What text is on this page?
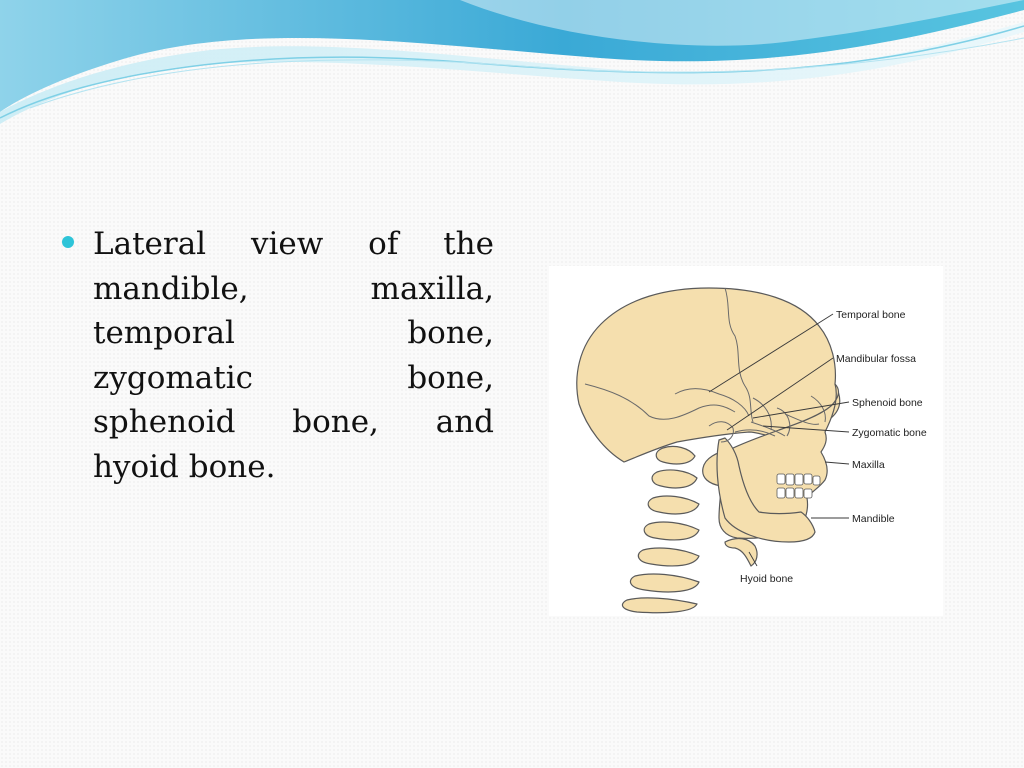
Lateral view of the mandible, maxilla, temporal bone, zygomatic bone, sphenoid bone, and hyoid bone.

Temporal bone
Mandibular fossa
Sphenoid bone
Zygomatic bone
Maxilla
Mandible
Hyoid bone
